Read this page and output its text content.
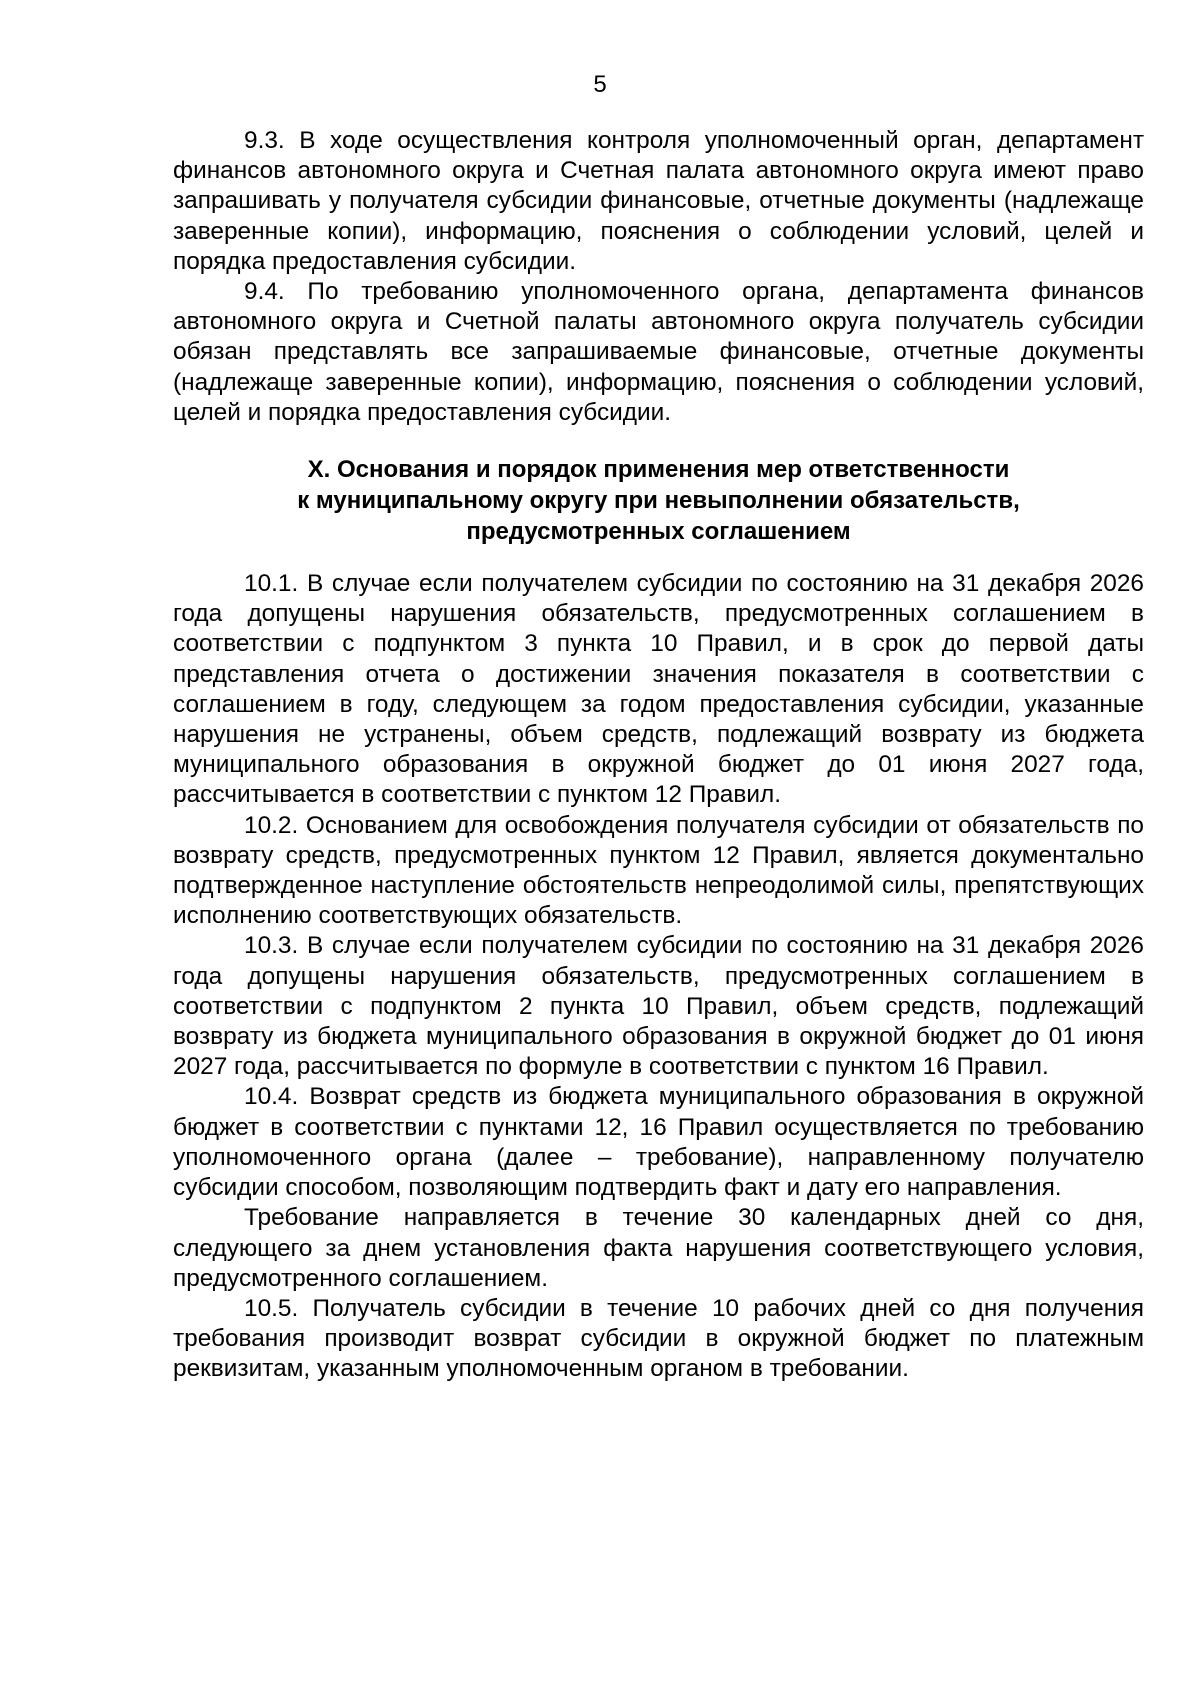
5

9.3. В ходе осуществления контроля уполномоченный орган, департамент финансов автономного округа и Счетная палата автономного округа имеют право запрашивать у получателя субсидии финансовые, отчетные документы (надлежаще заверенные копии), информацию, пояснения о соблюдении условий, целей и порядка предоставления субсидии.

9.4. По требованию уполномоченного органа, департамента финансов автономного округа и Счетной палаты автономного округа получатель субсидии обязан представлять все запрашиваемые финансовые, отчетные документы (надлежаще заверенные копии), информацию, пояснения о соблюдении условий, целей и порядка предоставления субсидии.

X. Основания и порядок применения мер ответственности
к муниципальному округу при невыполнении обязательств,
предусмотренных соглашением

10.1. В случае если получателем субсидии по состоянию на 31 декабря 2026 года допущены нарушения обязательств, предусмотренных соглашением в соответствии с подпунктом 3 пункта 10 Правил, и в срок до первой даты представления отчета о достижении значения показателя в соответствии с соглашением в году, следующем за годом предоставления субсидии, указанные нарушения не устранены, объем средств, подлежащий возврату из бюджета муниципального образования в окружной бюджет до 01 июня 2027 года, рассчитывается в соответствии с пунктом 12 Правил.

10.2. Основанием для освобождения получателя субсидии от обязательств по возврату средств, предусмотренных пунктом 12 Правил, является документально подтвержденное наступление обстоятельств непреодолимой силы, препятствующих исполнению соответствующих обязательств.

10.3. В случае если получателем субсидии по состоянию на 31 декабря 2026 года допущены нарушения обязательств, предусмотренных соглашением в соответствии с подпунктом 2 пункта 10 Правил, объем средств, подлежащий возврату из бюджета муниципального образования в окружной бюджет до 01 июня 2027 года, рассчитывается по формуле в соответствии с пунктом 16 Правил.

10.4. Возврат средств из бюджета муниципального образования в окружной бюджет в соответствии с пунктами 12, 16 Правил осуществляется по требованию уполномоченного органа (далее – требование), направленному получателю субсидии способом, позволяющим подтвердить факт и дату его направления.

Требование направляется в течение 30 календарных дней со дня, следующего за днем установления факта нарушения соответствующего условия, предусмотренного соглашением.

10.5. Получатель субсидии в течение 10 рабочих дней со дня получения требования производит возврат субсидии в окружной бюджет по платежным реквизитам, указанным уполномоченным органом в требовании.
